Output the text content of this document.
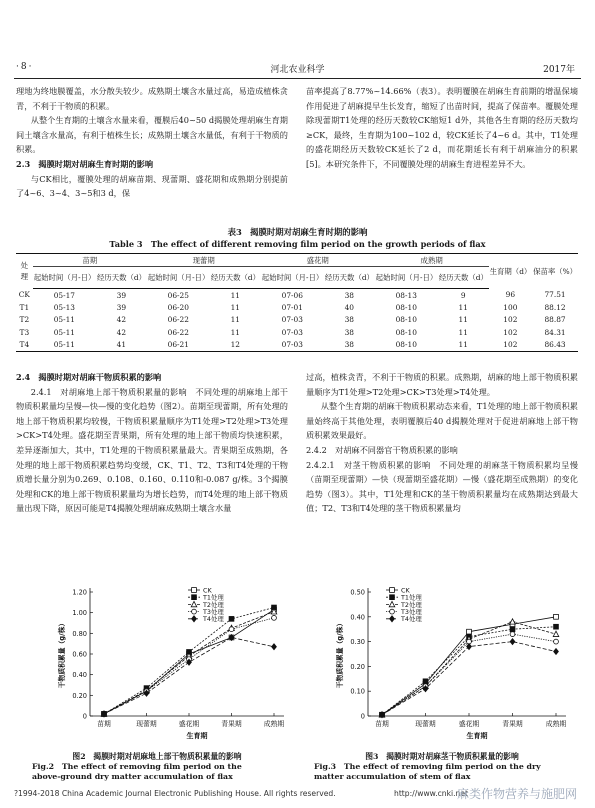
·8·	河北农业科学	2017年

理地为终地膜覆盖，水分散失较少。成熟期土壤含水量过高，易造成植株贪青，不利于干物质的积累。

从整个生育期的土壤含水量来看，覆膜后40~50 d揭膜处理胡麻生育期间土壤含水量高，有利于植株生长；成熟期土壤含水量低，有利于干物质的积累。

2.3　揭膜时期对胡麻生育时期的影响

与CK相比，覆膜处理的胡麻苗期、现蕾期、盛花期和成熟期分别提前了4~6、3~4、3~5和3 d，保

苗率提高了8.77%~14.66%（表3）。表明覆膜在胡麻生育前期的增温保墒作用促进了胡麻提早生长发育，缩短了出苗时间，提高了保苗率。覆膜处理除现蕾期T1处理的经历天数较CK缩短1 d外，其他各生育期的经历天数均≥CK，最终，生育期为100~102 d，较CK延长了4~6 d。其中，T1处理的盛花期经历天数较CK延长了2 d，而花期延长有利于胡麻油分的积累[5]。本研究条件下，不同覆膜处理的胡麻生育进程差异不大。

表3　揭膜时期对胡麻生育时期的影响
Table 3　The effect of different removing film period on the growth periods of flax
处理	苗期		现蕾期		盛花期		成熟期		生育期（d）	保苗率（%）
	起始时间（月-日）	经历天数（d）	起始时间（月-日）	经历天数（d）	起始时间（月-日）	经历天数（d）	起始时间（月-日）	经历天数（d）		
CK	05-17	39	06-25	11	07-06	38	08-13	9	96	77.51
T1	05-13	39	06-20	11	07-01	40	08-10	11	100	88.12
T2	05-11	42	06-22	11	07-03	38	08-10	11	102	88.87
T3	05-11	42	06-22	11	07-03	38	08-10	11	102	84.31
T4	05-11	41	06-21	12	07-03	38	08-10	11	102	86.43

2.4　揭膜时期对胡麻干物质积累的影响

2.4.1　对胡麻地上部干物质积累量的影响　不同处理的胡麻地上部干物质积累量均呈慢—快—慢的变化趋势（图2）。苗期至现蕾期，所有处理的地上部干物质积累均较慢，干物质积累量顺序为T1处理>T2处理>T3处理>CK>T4处理。盛花期至青果期，所有处理的地上部干物质均快速积累，差异逐渐加大，其中，T1处理的干物质积累量最大。青果期至成熟期，各处理的地上部干物质积累趋势均变缓，CK、T1、T2、T3和T4处理的干物质增长量分别为0.269、0.108、0.160、0.110和-0.087 g/株。3个揭膜处理和CK的地上部干物质积累量均为增长趋势，而T4处理的地上部干物质量出现下降，原因可能是T4揭膜处理胡麻成熟期土壤含水量

过高，植株贪青，不利于干物质的积累。成熟期，胡麻的地上部干物质积累量顺序为T1处理>T2处理>CK>T3处理>T4处理。

从整个生育期的胡麻干物质积累动态来看，T1处理的地上部干物质积累量始终高于其他处理，表明覆膜后40 d揭膜处理对于促进胡麻地上部干物质积累效果最好。

2.4.2　对胡麻不同器官干物质积累的影响

2.4.2.1　对茎干物质积累的影响　不同处理的胡麻茎干物质积累均呈慢（苗期至现蕾期）—快（现蕾期至盛花期）—慢（盛花期至成熟期）的变化趋势（图3）。其中，T1处理和CK的茎干物质积累量均在成熟期达到最大值；T2、T3和T4处理的茎干物质积累量均

0
0.20
0.40
0.60
0.80
1.00
1.20
苗期	现蕾期	盛花期	青果期	成熟期
生育期
干物质积累量（g/株）
CK
T1处理
T2处理
T3处理
T4处理
图2　揭膜时期对胡麻地上部干物质积累量的影响
Fig.2　The effect of removing film period on the
above-ground dry matter accumulation of flax
0
0.10
0.20
0.30
0.40
0.50
苗期	现蕾期	盛花期	青果期	成熟期
生育期
干物质积累量（g/株）
CK
T1处理
T2处理
T3处理
T4处理
图3　揭膜时期对胡麻茎干物质积累量的影响
Fig.3　The effect of removing film period on the dry
matter accumulation of stem of flax
?1994-2018 China Academic Journal Electronic Publishing House. All rights reserved.	http://www.cnki.net
麻类作物营养与施肥网
